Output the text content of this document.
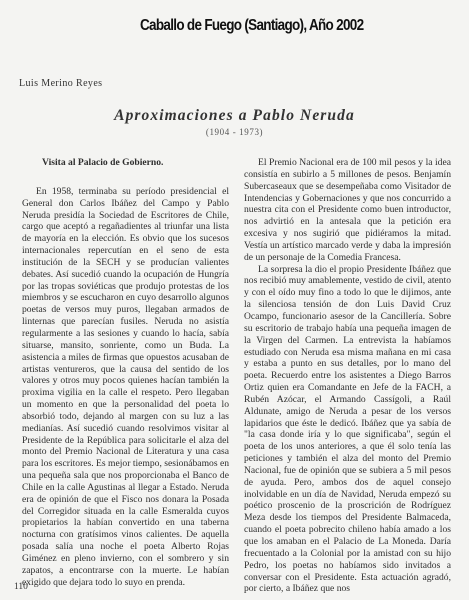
Caballo de Fuego (Santiago), Año 2002
Luis Merino Reyes
Aproximaciones a Pablo Neruda
(1904 - 1973)
Visita al Palacio de Gobierno.

En 1958, terminaba su período presidencial el General don Carlos Ibáñez del Campo y Pablo Neruda presidía la Sociedad de Escritores de Chile, cargo que aceptó a regañadientes al triunfar una lista de mayoría en la elección. Es obvio que los sucesos internacionales repercutían en el seno de esta institución de la SECH y se producían valientes debates. Así sucedió cuando la ocupación de Hungría por las tropas soviéticas que produjo protestas de los miembros y se escucharon en cuyo desarrollo algunos poetas de versos muy puros, llegaban armados de linternas que parecían fusiles. Neruda no asistía regularmente a las sesiones y cuando lo hacía, sabía situarse, mansito, sonriente, como un Buda. La asistencia a miles de firmas que opuestos acusaban de artistas ventureros, que la causa del sentido de los valores y otros muy pocos quienes hacían también la proxima vigilia en la calle el respeto. Pero llegaban un momento en que la personalidad del poeta lo absorbió todo, dejando al margen con su luz a las medianías. Así sucedió cuando resolvimos visitar al Presidente de la República para solicitarle el alza del monto del Premio Nacional de Literatura y una casa para los escritores. Es mejor tiempo, sesionábamos en una pequeña sala que nos proporcionaba el Banco de Chile en la calle Agustinas al llegar a Estado. Neruda era de opinión de que el Fisco nos donara la Posada del Corregidor situada en la calle Esmeralda cuyos propietarios la habían convertido en una taberna nocturna con gratísimos vinos calientes. De aquella posada salía una noche el poeta Alberto Rojas Giménez en pleno invierno, con el sombrero y sin zapatos, a encontrarse con la muerte. Le habían exigido que dejara todo lo suyo en prenda.

El Premio Nacional era de 100 mil pesos y la idea consistía en subirlo a 5 millones de pesos. Benjamín Subercaseaux que se desempeñaba como Visitador de Intendencias y Gobernaciones y que nos concurrido a nuestra cita con el Presidente como buen introductor, nos advirtió en la antesala que la petición era excesiva y nos sugirió que pidiéramos la mitad. Vestía un artístico marcado verde y daba la impresión de un personaje de la Comedia Francesa.

La sorpresa la dio el propio Presidente Ibáñez que nos recibió muy amablemente, vestido de civil, atento y con el oído muy fino a todo lo que le dijimos, ante la silenciosa tensión de don Luis David Cruz Ocampo, funcionario asesor de la Cancillería. Sobre su escritorio de trabajo había una pequeña imagen de la Virgen del Carmen. La entrevista la habíamos estudiado con Neruda esa misma mañana en mi casa y estaba a punto en sus detalles, por lo mano del poeta. Recuerdo entre los asistentes a Diego Barros Ortiz quien era Comandante en Jefe de la FACH, a Rubén Azócar, el Armando Cassígoli, a Raúl Aldunate, amigo de Neruda a pesar de los versos lapidarios que éste le dedicó. Ibáñez que ya sabía de "la casa donde iría y lo que significaba", según el poeta de los unos anteriores, a que él solo tenía las peticiones y también el alza del monto del Premio Nacional, fue de opinión que se subiera a 5 mil pesos de ayuda. Pero, ambos dos de aquel consejo inolvidable en un día de Navidad, Neruda empezó su poético proscenio de la proscrición de Rodríguez Meza desde los tiempos del Presidente Balmaceda, cuando el poeta pobrecito chileno había amado a los que los amaban en el Palacio de La Moneda. Daría frecuentado a la Colonial por la amistad con su hijo Pedro, los poetas no habíamos sido invitados a conversar con el Presidente. Esta actuación agradó, por cierto, a Ibáñez que nos

110
